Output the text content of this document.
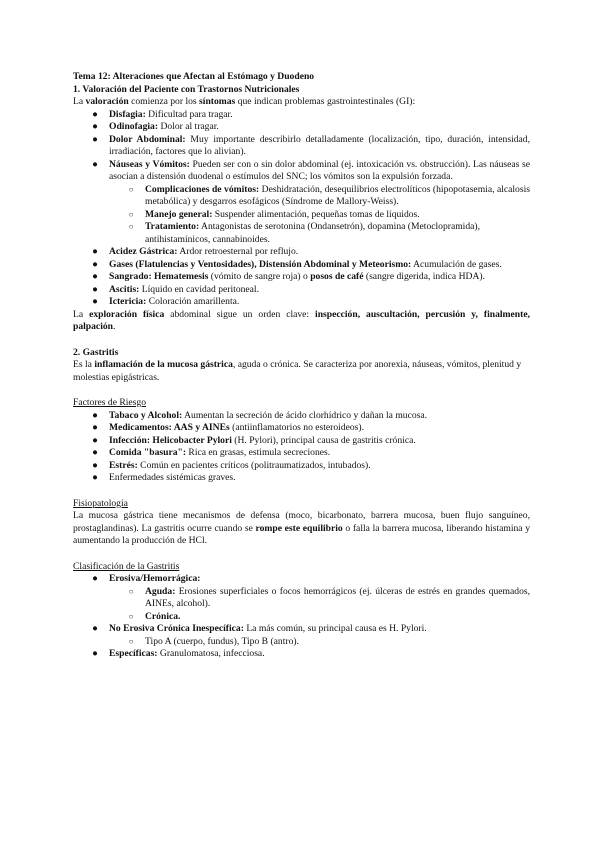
Tema 12: Alteraciones que Afectan al Estómago y Duodeno

1. Valoración del Paciente con Trastornos Nutricionales

La valoración comienza por los síntomas que indican problemas gastrointestinales (GI):

● Disfagia: Dificultad para tragar.
● Odinofagia: Dolor al tragar.
● Dolor Abdominal: Muy importante describirlo detalladamente (localización, tipo, duración, intensidad, irradiación, factores que lo alivian).
● Náuseas y Vómitos: Pueden ser con o sin dolor abdominal (ej. intoxicación vs. obstrucción). Las náuseas se asocian a distensión duodenal o estímulos del SNC; los vómitos son la expulsión forzada.
○ Complicaciones de vómitos: Deshidratación, desequilibrios electrolíticos (hipopotasemia, alcalosis metabólica) y desgarros esofágicos (Síndrome de Mallory-Weiss).
○ Manejo general: Suspender alimentación, pequeñas tomas de líquidos.
○ Tratamiento: Antagonistas de serotonina (Ondansetrón), dopamina (Metoclopramida), antihistamínicos, cannabinoides.
● Acidez Gástrica: Ardor retroesternal por reflujo.
● Gases (Flatulencias y Ventosidades), Distensión Abdominal y Meteorismo: Acumulación de gases.
● Sangrado: Hematemesis (vómito de sangre roja) o posos de café (sangre digerida, indica HDA).
● Ascitis: Líquido en cavidad peritoneal.
● Ictericia: Coloración amarillenta.

La exploración física abdominal sigue un orden clave: inspección, auscultación, percusión y, finalmente, palpación.

2. Gastritis

Es la inflamación de la mucosa gástrica, aguda o crónica. Se caracteriza por anorexia, náuseas, vómitos, plenitud y molestias epigástricas.

Factores de Riesgo

● Tabaco y Alcohol: Aumentan la secreción de ácido clorhídrico y dañan la mucosa.
● Medicamentos: AAS y AINEs (antiinflamatorios no esteroideos).
● Infección: Helicobacter Pylori (H. Pylori), principal causa de gastritis crónica.
● Comida "basura": Rica en grasas, estimula secreciones.
● Estrés: Común en pacientes críticos (politraumatizados, intubados).
● Enfermedades sistémicas graves.

Fisiopatología

La mucosa gástrica tiene mecanismos de defensa (moco, bicarbonato, barrera mucosa, buen flujo sanguíneo, prostaglandinas). La gastritis ocurre cuando se rompe este equilibrio o falla la barrera mucosa, liberando histamina y aumentando la producción de HCl.

Clasificación de la Gastritis

● Erosiva/Hemorrágica:
○ Aguda: Erosiones superficiales o focos hemorrágicos (ej. úlceras de estrés en grandes quemados, AINEs, alcohol).
○ Crónica.
● No Erosiva Crónica Inespecífica: La más común, su principal causa es H. Pylori.
○ Tipo A (cuerpo, fundus), Tipo B (antro).
● Específicas: Granulomatosa, infecciosa.
